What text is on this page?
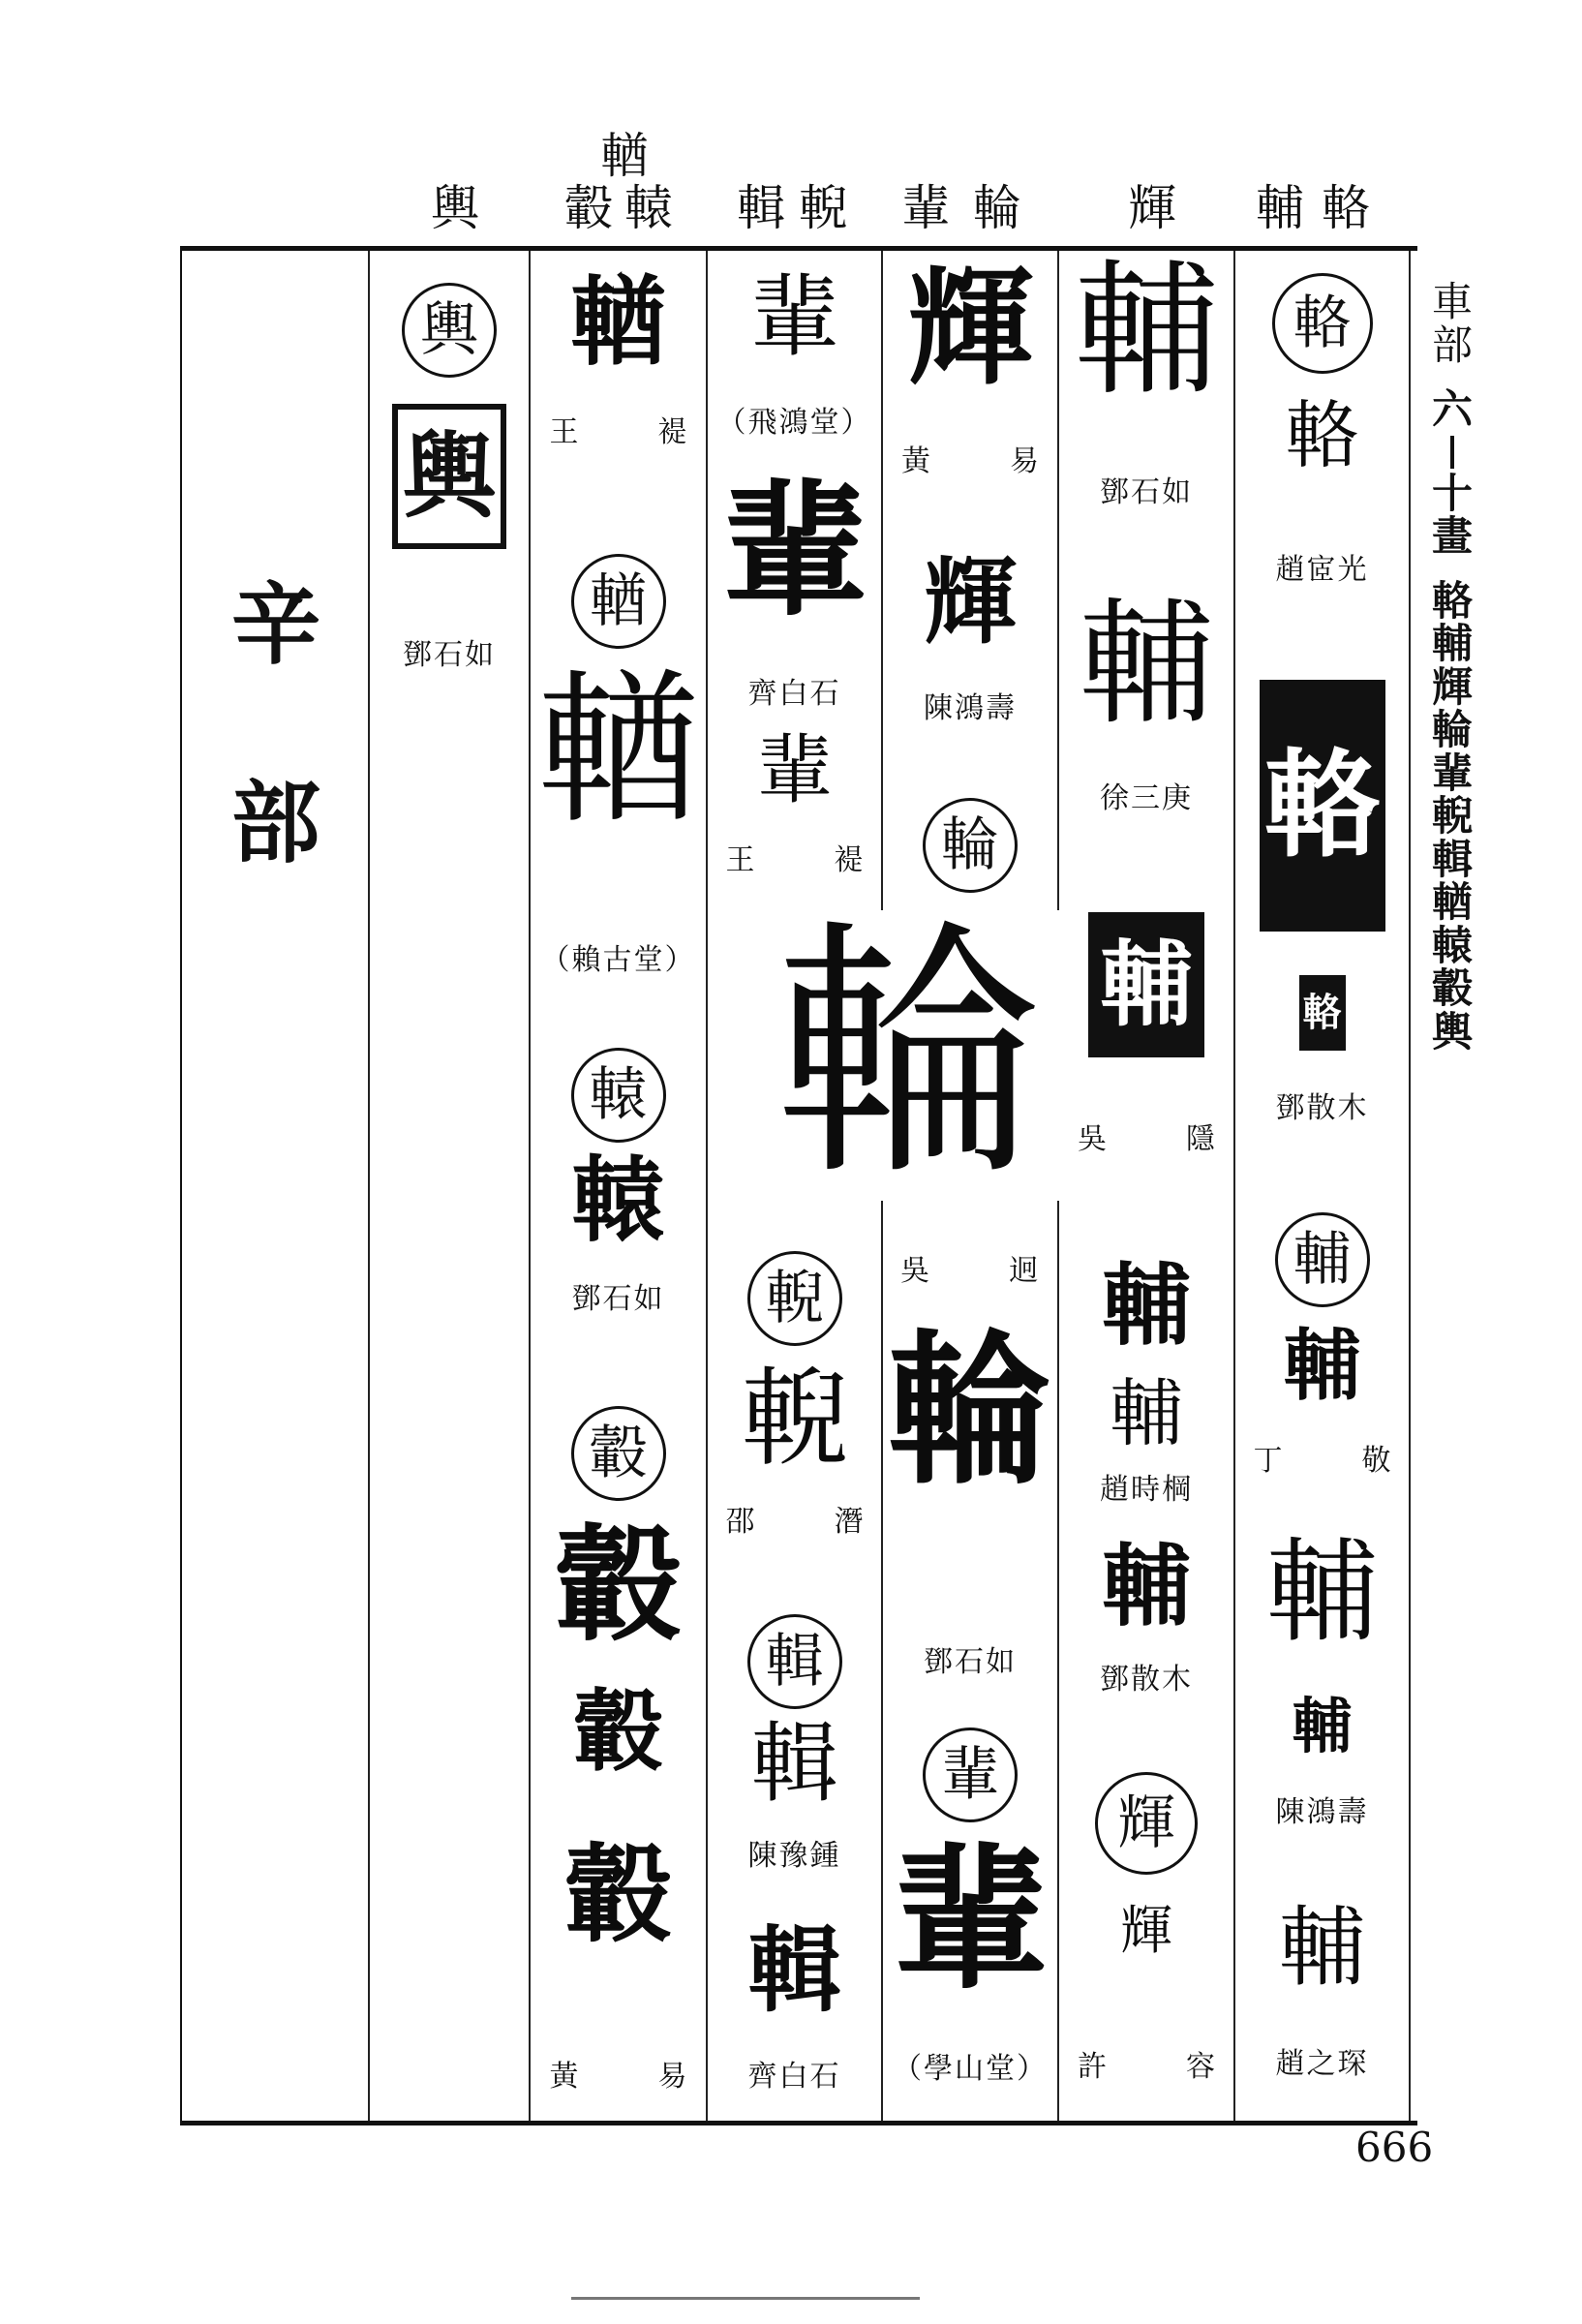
輿
輶
轂轅 輯輗 輩輪 輝 輔輅
辛
部
車
部
六
十
畫
輅
輔
輝
輪
輩
輗
輯
輶
轅
轂
輿
輿
輿
鄧石如
輶
王　褆
輶
輶
（賴古堂）
轅
轅
鄧石如
轂
轂
轂
轂
黃　易
輩
（飛鴻堂）
輩
齊白石
輩
王　褆
輗
輗
邵　潛
輯
輯
陳豫鍾
輯
齊白石
輪
吳　迥
輝
黃　易
輝
陳鴻壽
輪
輪
鄧石如
輩
輩
（學山堂）
輔
鄧石如
輔
徐三庚
輔
吳　隱
輔
輔
趙時棡
輔
鄧散木
輝
輝
許　容
輅
輅
趙宧光
輅
輅
鄧散木
輔
輔
丁　敬
輔
輔
陳鴻壽
輔
趙之琛
666
